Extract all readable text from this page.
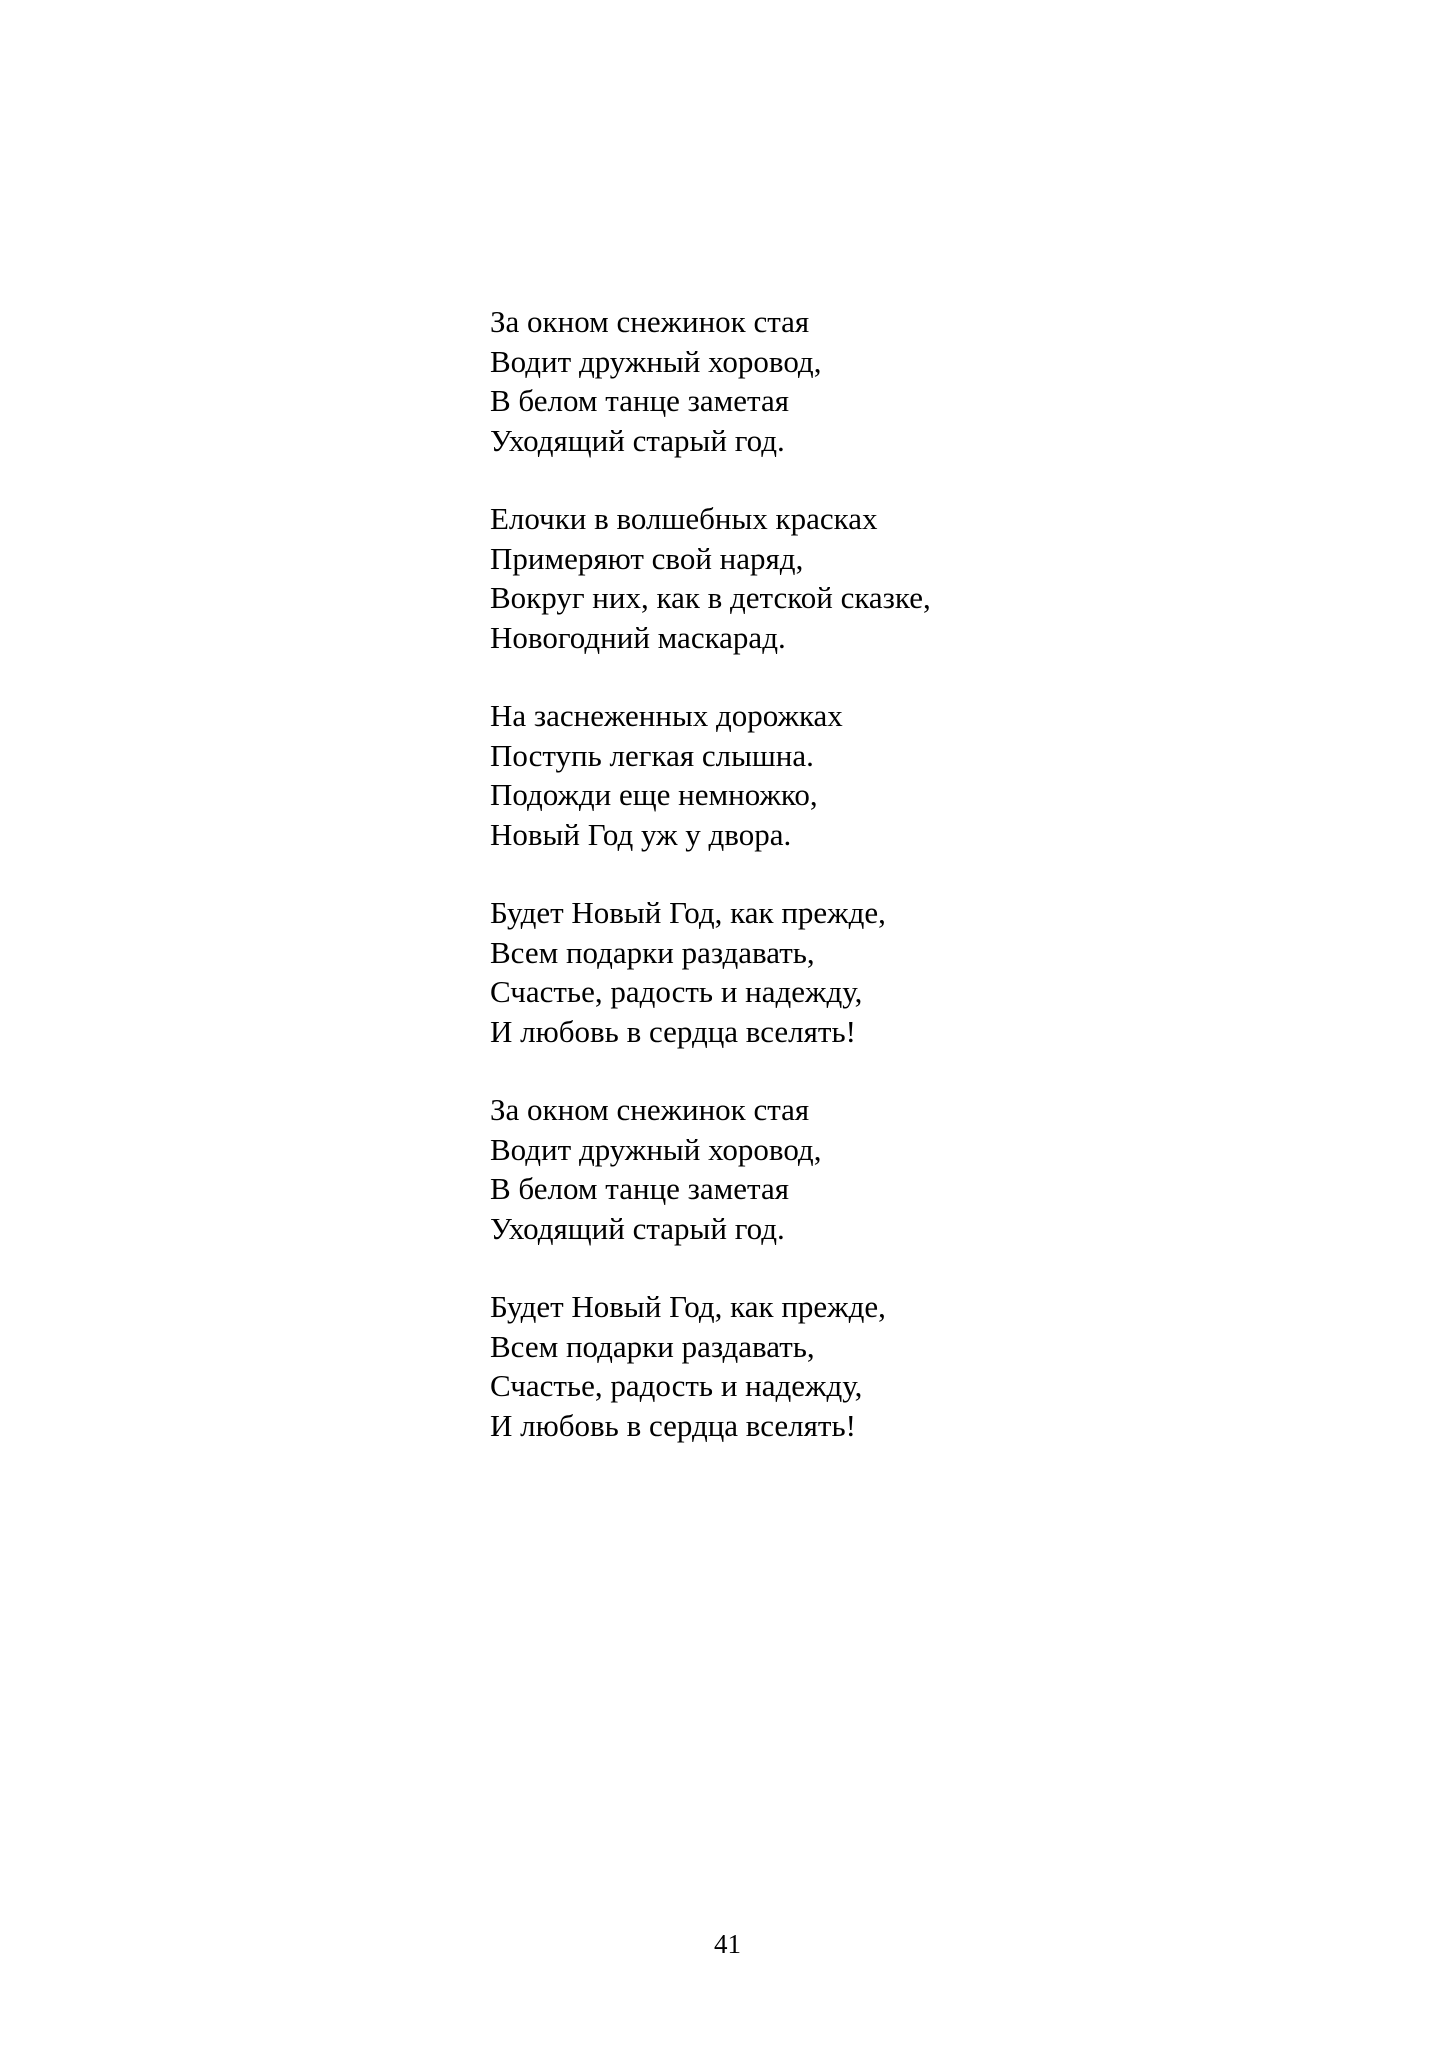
За окном снежинок стая
Водит дружный хоровод,
В белом танце заметая
Уходящий старый год.
Елочки в волшебных красках
Примеряют свой наряд,
Вокруг них, как в детской сказке,
Новогодний маскарад.
На заснеженных дорожках
Поступь легкая слышна.
Подожди еще немножко,
Новый Год уж у двора.
Будет Новый Год, как прежде,
Всем подарки раздавать,
Счастье, радость и надежду,
И любовь в сердца вселять!
За окном снежинок стая
Водит дружный хоровод,
В белом танце заметая
Уходящий старый год.
Будет Новый Год, как прежде,
Всем подарки раздавать,
Счастье, радость и надежду,
И любовь в сердца вселять!
41
